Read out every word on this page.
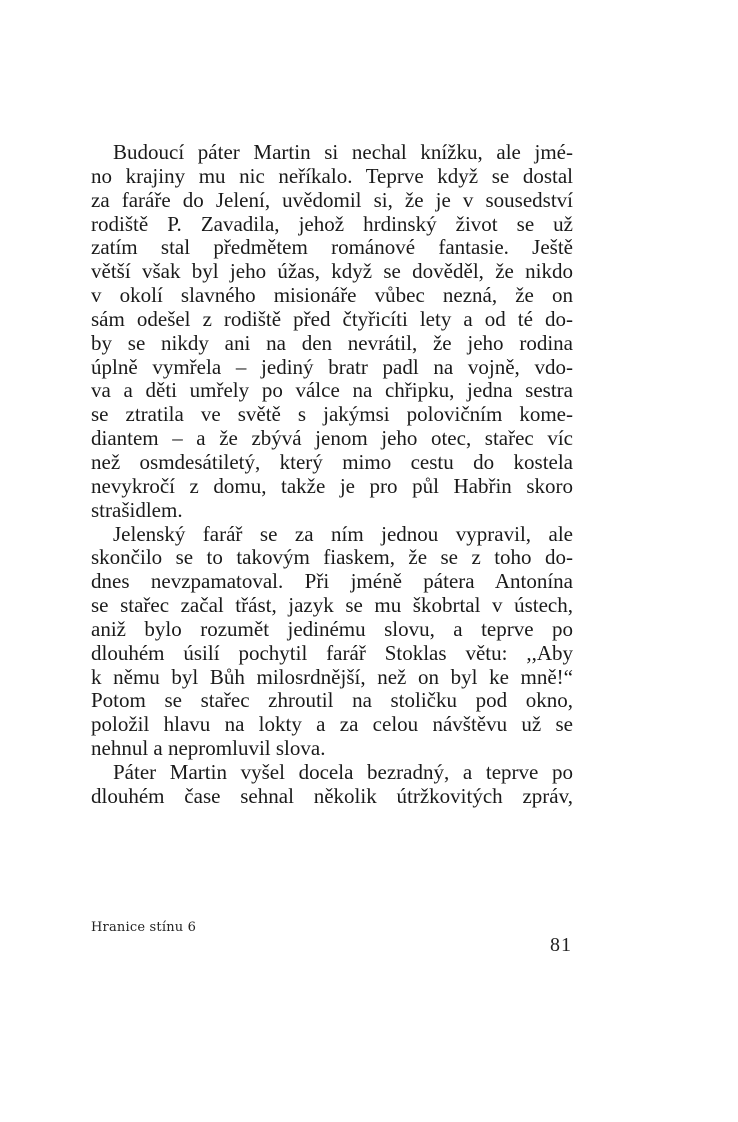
Budoucí páter Martin si nechal knížku, ale jmé-
no krajiny mu nic neříkalo. Teprve když se dostal
za faráře do Jelení, uvědomil si, že je v sousedství
rodiště P. Zavadila, jehož hrdinský život se už
zatím stal předmětem románové fantasie. Ještě
větší však byl jeho úžas, když se dověděl, že nikdo
v okolí slavného misionáře vůbec nezná, že on
sám odešel z rodiště před čtyřicíti lety a od té do-
by se nikdy ani na den nevrátil, že jeho rodina
úplně vymřela – jediný bratr padl na vojně, vdo-
va a děti umřely po válce na chřipku, jedna sestra
se ztratila ve světě s jakýmsi polovičním kome-
diantem – a že zbývá jenom jeho otec, stařec víc
než osmdesátiletý, který mimo cestu do kostela
nevykročí z domu, takže je pro půl Habřin skoro
strašidlem.
Jelenský farář se za ním jednou vypravil, ale
skončilo se to takovým fiaskem, že se z toho do-
dnes nevzpamatoval. Při jméně pátera Antonína
se stařec začal třást, jazyk se mu škobrtal v ústech,
aniž bylo rozumět jedinému slovu, a teprve po
dlouhém úsilí pochytil farář Stoklas větu: ,,Aby
k němu byl Bůh milosrdnější, než on byl ke mně!“
Potom se stařec zhroutil na stoličku pod okno,
položil hlavu na lokty a za celou návštěvu už se
nehnul a nepromluvil slova.
Páter Martin vyšel docela bezradný, a teprve po
dlouhém čase sehnal několik útržkovitých zpráv,
Hranice stínu 6
81
